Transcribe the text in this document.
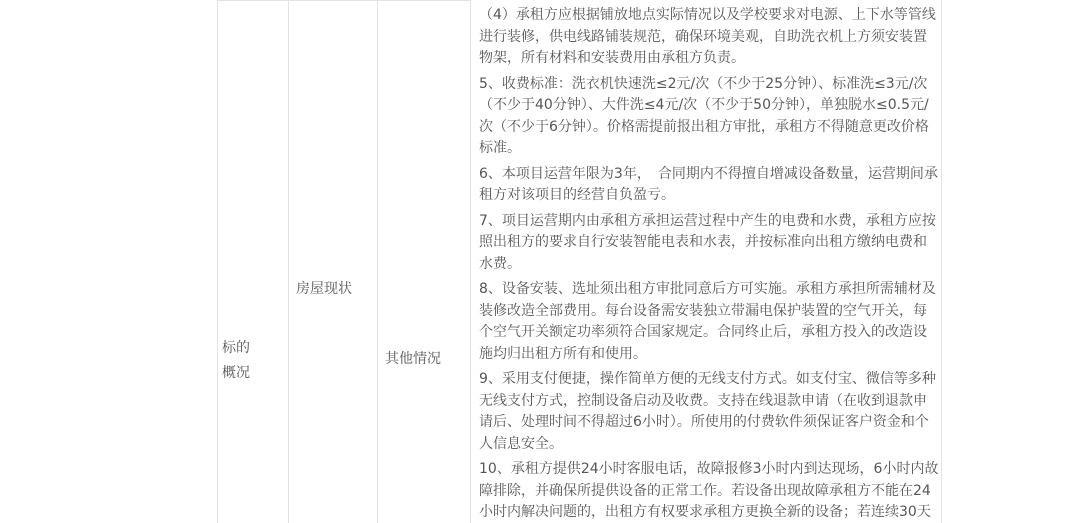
标的
概况
房屋现状
其他情况

（4）承租方应根据铺放地点实际情况以及学校要求对电源、上下水等管线进行装修，供电线路铺装规范，确保环境美观，自助洗衣机上方须安装置物架，所有材料和安装费用由承租方负责。

5、收费标准：洗衣机快速洗≤2元/次（不少于25分钟）、标准洗≤3元/次（不少于40分钟）、大件洗≤4元/次（不少于50分钟），单独脱水≤0.5元/次（不少于6分钟）。价格需提前报出租方审批，承租方不得随意更改价格标准。

6、本项目运营年限为3年，　合同期内不得擅自增减设备数量，运营期间承租方对该项目的经营自负盈亏。

7、项目运营期内由承租方承担运营过程中产生的电费和水费，承租方应按照出租方的要求自行安装智能电表和水表，并按标准向出租方缴纳电费和水费。

8、设备安装、选址须出租方审批同意后方可实施。承租方承担所需辅材及装修改造全部费用。每台设备需安装独立带漏电保护装置的空气开关，每个空气开关额定功率须符合国家规定。合同终止后，承租方投入的改造设施均归出租方所有和使用。

9、采用支付便捷，操作简单方便的无线支付方式。如支付宝、微信等多种无线支付方式，控制设备启动及收费。支持在线退款申请（在收到退款申请后、处理时间不得超过6小时）。所使用的付费软件须保证客户资金和个人信息安全。

10、承租方提供24小时客服电话，故障报修3小时内到达现场，6小时内故障排除，并确保所提供设备的正常工作。若设备出现故障承租方不能在24小时内解决问题的，出租方有权要求承租方更换全新的设备；若连续30天
